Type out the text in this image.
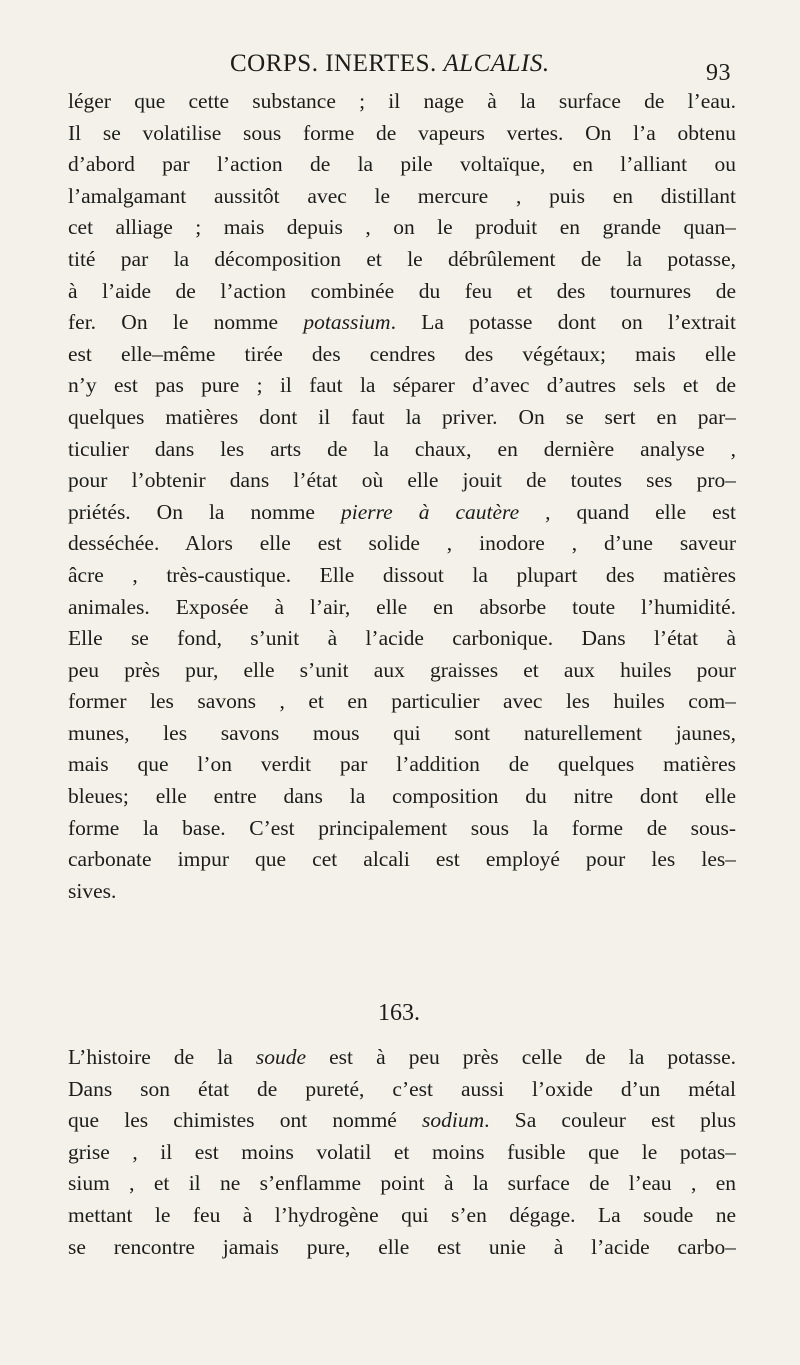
CORPS. INERTES. ALCALIS.	93
léger que cette substance ; il nage à la surface de l’eau.
Il se volatilise sous forme de vapeurs vertes. On l’a obtenu
d’abord par l’action de la pile voltaïque, en l’alliant ou
l’amalgamant aussitôt avec le mercure , puis en distillant
cet alliage ; mais depuis , on le produit en grande quan–
tité par la décomposition et le débrûlement de la potasse,
à l’aide de l’action combinée du feu et des tournures de
fer. On le nomme potassium. La potasse dont on l’extrait
est elle–même tirée des cendres des végétaux; mais elle
n’y est pas pure ; il faut la séparer d’avec d’autres sels et de
quelques matières dont il faut la priver. On se sert en par–
ticulier dans les arts de la chaux, en dernière analyse ,
pour l’obtenir dans l’état où elle jouit de toutes ses pro–
priétés. On la nomme pierre à cautère , quand elle est
desséchée. Alors elle est solide , inodore , d’une saveur
âcre , très-caustique. Elle dissout la plupart des matières
animales. Exposée à l’air, elle en absorbe toute l’humidité.
Elle se fond, s’unit à l’acide carbonique. Dans l’état à
peu près pur, elle s’unit aux graisses et aux huiles pour
former les savons , et en particulier avec les huiles com–
munes, les savons mous qui sont naturellement jaunes,
mais que l’on verdit par l’addition de quelques matières
bleues; elle entre dans la composition du nitre dont elle
forme la base. C’est principalement sous la forme de sous-
carbonate impur que cet alcali est employé pour les les–
sives.
163.
L’histoire de la soude est à peu près celle de la potasse.
Dans son état de pureté, c’est aussi l’oxide d’un métal
que les chimistes ont nommé sodium. Sa couleur est plus
grise , il est moins volatil et moins fusible que le potas–
sium , et il ne s’enflamme point à la surface de l’eau , en
mettant le feu à l’hydrogène qui s’en dégage. La soude ne
se rencontre jamais pure, elle est unie à l’acide carbo–
